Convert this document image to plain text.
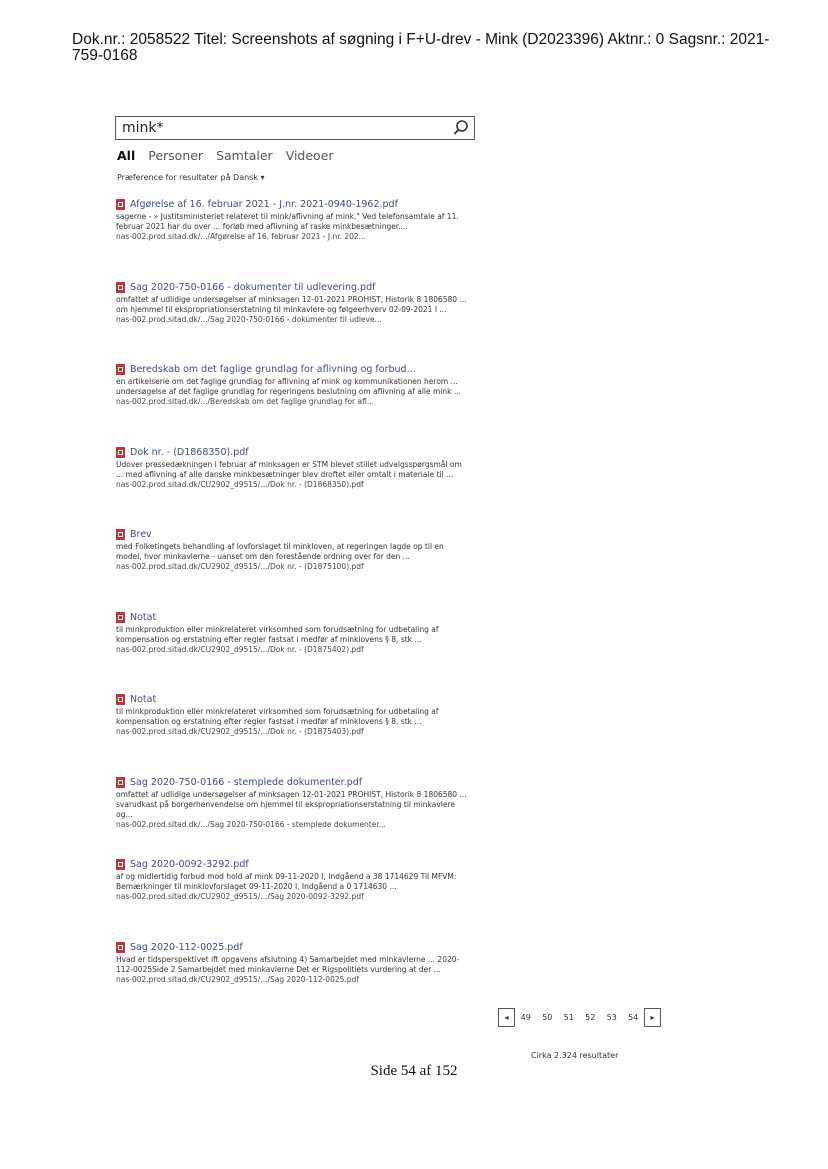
Dok.nr.: 2058522 Titel: Screenshots af søgning i F+U-drev - Mink (D2023396) Aktnr.: 0 Sagsnr.: 2021-759-0168
mink*
All Personer Samtaler Videoer
Præference for resultater på Dansk ▾
Afgørelse af 16. februar 2021 - J.nr. 2021-0940-1962.pdf
sagerne - » Justitsministeriet relateret til mink/aflivning af mink." Ved telefonsamtale af 11. februar 2021 har du over ... forløb med aflivning af raske minkbesætninger....
nas-002.prod.sitad.dk/.../Afgørelse af 16. februar 2021 - J.nr. 202...
Sag 2020-750-0166 - dokumenter til udlevering.pdf
omfattet af udlidige undersøgelser af minksagen 12-01-2021 PROHIST, Historik 8 1806580 ... om hjemmel til ekspropriationserstatning til minkavlere og følgeerhverv 02-09-2021 I ...
nas-002.prod.sitad.dk/.../Sag 2020-750-0166 - dokumenter til udleve...
Beredskab om det faglige grundlag for aflivning og forbud...
en artikelserie om det faglige grundlag for aflivning af mink og kommunikationen herom ... undersøgelse af det faglige grundlag for regeringens beslutning om aflivning af alle mink ...
nas-002.prod.sitad.dk/.../Beredskab om det faglige grundlag for afl...
Dok nr. - (D1868350).pdf
Udover pressedækningen i februar af minksagen er STM blevet stillet udvalgsspørgsmål om ... med aflivning af alle danske minkbesætninger blev droftet eller omtalt i materiale til ...
nas-002.prod.sitad.dk/CU2902_d9515/.../Dok nr. - (D1868350).pdf
Brev
med Folketingets behandling af lovforslaget til minkloven, at regeringen lagde op til en model, hvor minkavlerne - uanset om den forestående ordning over for den ...
nas-002.prod.sitad.dk/CU2902_d9515/.../Dok nr. - (D1875100).pdf
Notat
til minkproduktion eller minkrelateret virksomhed som forudsætning for udbetaling af kompensation og erstatning efter regler fastsat i medfør af minklovens § 8, stk ...
nas-002.prod.sitad.dk/CU2902_d9515/.../Dok nr. - (D1875402).pdf
Notat
til minkproduktion eller minkrelateret virksomhed som forudsætning for udbetaling af kompensation og erstatning efter regler fastsat i medfør af minklovens § 8, stk ...
nas-002.prod.sitad.dk/CU2902_d9515/.../Dok nr. - (D1875403).pdf
Sag 2020-750-0166 - stemplede dokumenter.pdf
omfattet af udlidige undersøgelser af minksagen 12-01-2021 PROHIST, Historik 8 1806580 ... svarudkast på borgerhenvendelse om hjemmel til ekspropriationserstatning til minkavlere og...
nas-002.prod.sitad.dk/.../Sag 2020-750-0166 - stemplede dokumenter...
Sag 2020-0092-3292.pdf
af og midlertidig forbud mod hold af mink 09-11-2020 I, Indgåend a 38 1714629 Til MFVM: Bemærkninger til minklovforslaget 09-11-2020 I, Indgåend a 0 1714630 ...
nas-002.prod.sitad.dk/CU2902_d9515/.../Sag 2020-0092-3292.pdf
Sag 2020-112-0025.pdf
Hvad er tidsperspektivet ift opgavens afslutning 4) Samarbejdet med minkavlerne ... 2020-112-0025Side 2 Samarbejdet med minkavlerne Det er Rigspolitiets vurdering at der ...
nas-002.prod.sitad.dk/CU2902_d9515/.../Sag 2020-112-0025.pdf
◂	49	50	51	52	53	54	▸
Cirka 2.324 resultater
Side 54 af 152
